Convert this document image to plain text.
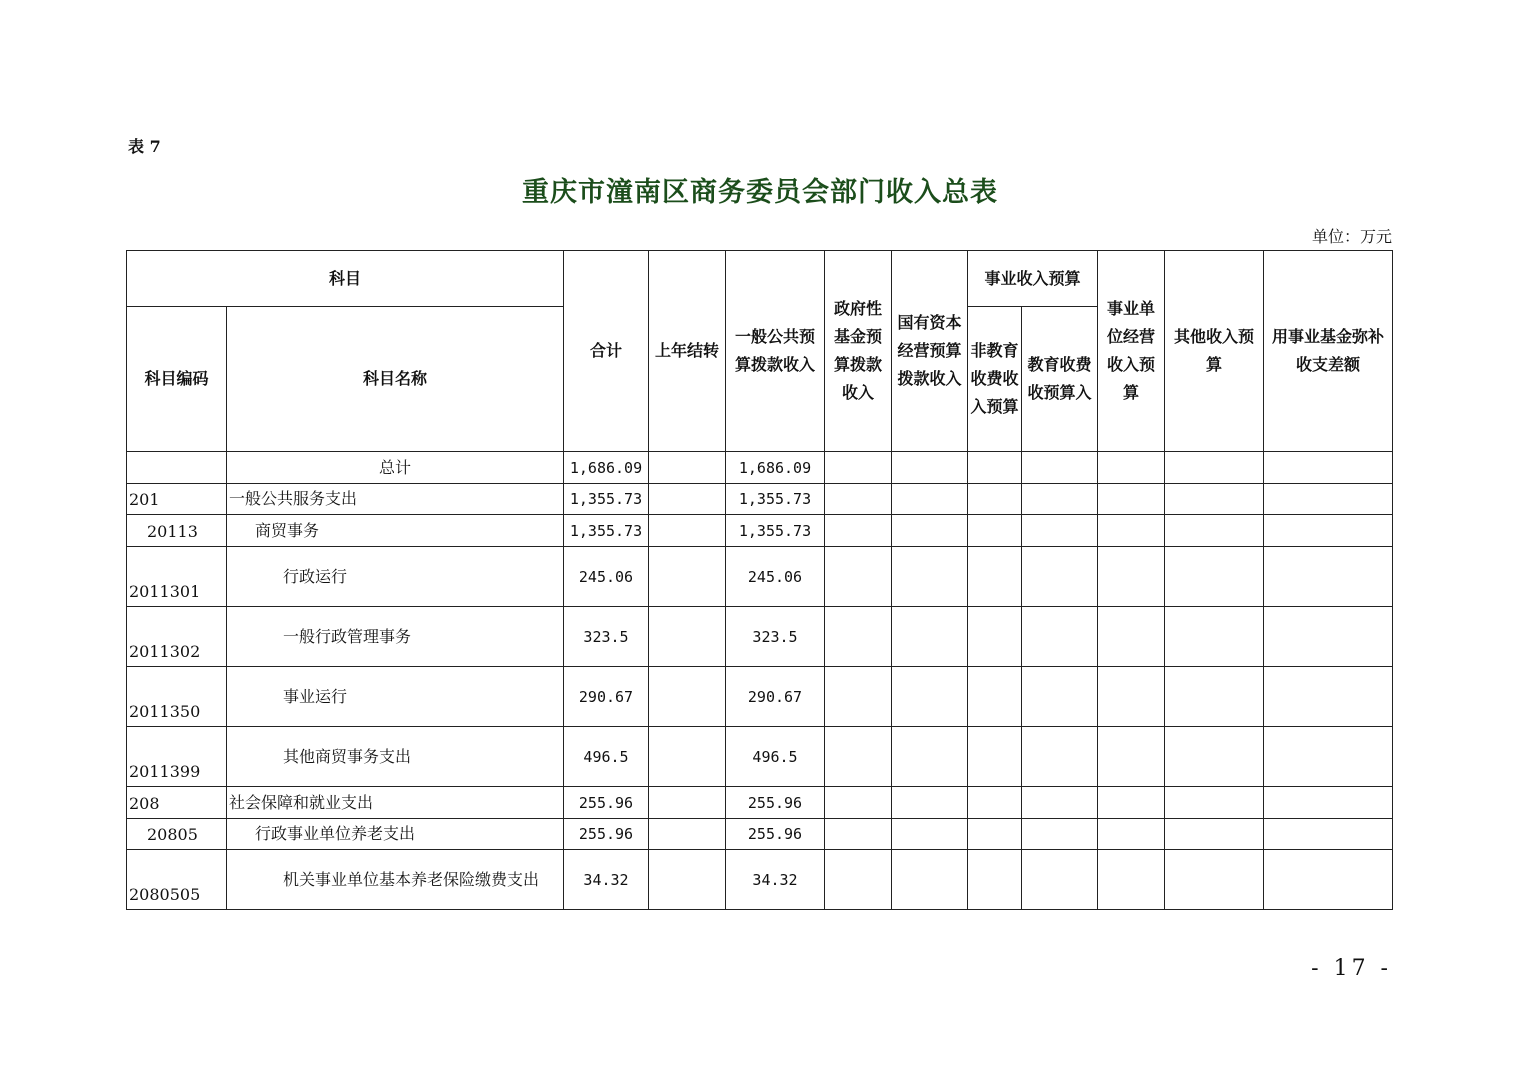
表 7
重庆市潼南区商务委员会部门收入总表
单位：万元
科目		合计	上年结转	一般公共预算拨款收入	政府性基金预算拨款收入	国有资本经营预算拨款收入	事业收入预算		事业单位经营收入预算	其他收入预算	用事业基金弥补收支差额
科目编码	科目名称						非教育收费收入预算	教育收费收预算入			
	总计	1,686.09		1,686.09							
201	一般公共服务支出	1,355.73		1,355.73							
20113	商贸事务	1,355.73		1,355.73							
2011301	行政运行	245.06		245.06							
2011302	一般行政管理事务	323.5		323.5							
2011350	事业运行	290.67		290.67							
2011399	其他商贸事务支出	496.5		496.5							
208	社会保障和就业支出	255.96		255.96							
20805	行政事业单位养老支出	255.96		255.96							
2080505	机关事业单位基本养老保险缴费支出	34.32		34.32							
- 17 -
